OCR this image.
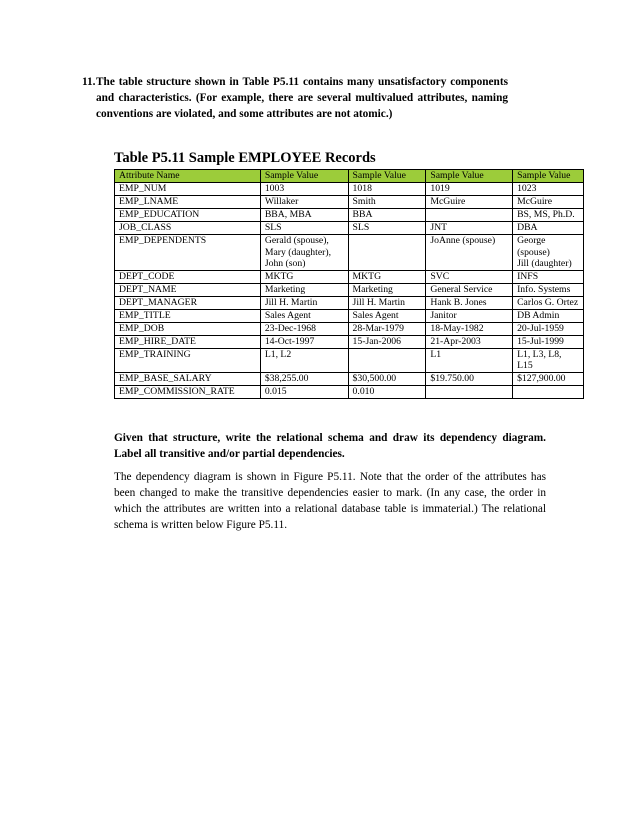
11. The table structure shown in Table P5.11 contains many unsatisfactory components and characteristics. (For example, there are several multivalued attributes, naming conventions are violated, and some attributes are not atomic.)
Table P5.11 Sample EMPLOYEE Records
Attribute Name	Sample Value	Sample Value	Sample Value	Sample Value
EMP_NUM	1003	1018	1019	1023
EMP_LNAME	Willaker	Smith	McGuire	McGuire
EMP_EDUCATION	BBA, MBA	BBA		BS, MS, Ph.D.
JOB_CLASS	SLS	SLS	JNT	DBA
EMP_DEPENDENTS	Gerald (spouse),
Mary (daughter),
John (son)		JoAnne (spouse)	George (spouse)
Jill (daughter)
DEPT_CODE	MKTG	MKTG	SVC	INFS
DEPT_NAME	Marketing	Marketing	General Service	Info. Systems
DEPT_MANAGER	Jill H. Martin	Jill H. Martin	Hank B. Jones	Carlos G. Ortez
EMP_TITLE	Sales Agent	Sales Agent	Janitor	DB Admin
EMP_DOB	23-Dec-1968	28-Mar-1979	18-May-1982	20-Jul-1959
EMP_HIRE_DATE	14-Oct-1997	15-Jan-2006	21-Apr-2003	15-Jul-1999
EMP_TRAINING	L1, L2		L1	L1, L3, L8, L15
EMP_BASE_SALARY	$38,255.00	$30,500.00	$19.750.00	$127,900.00
EMP_COMMISSION_RATE	0.015	0.010		
Given that structure, write the relational schema and draw its dependency diagram. Label all transitive and/or partial dependencies.
The dependency diagram is shown in Figure P5.11. Note that the order of the attributes has been changed to make the transitive dependencies easier to mark. (In any case, the order in which the attributes are written into a relational database table is immaterial.) The relational schema is written below Figure P5.11.
